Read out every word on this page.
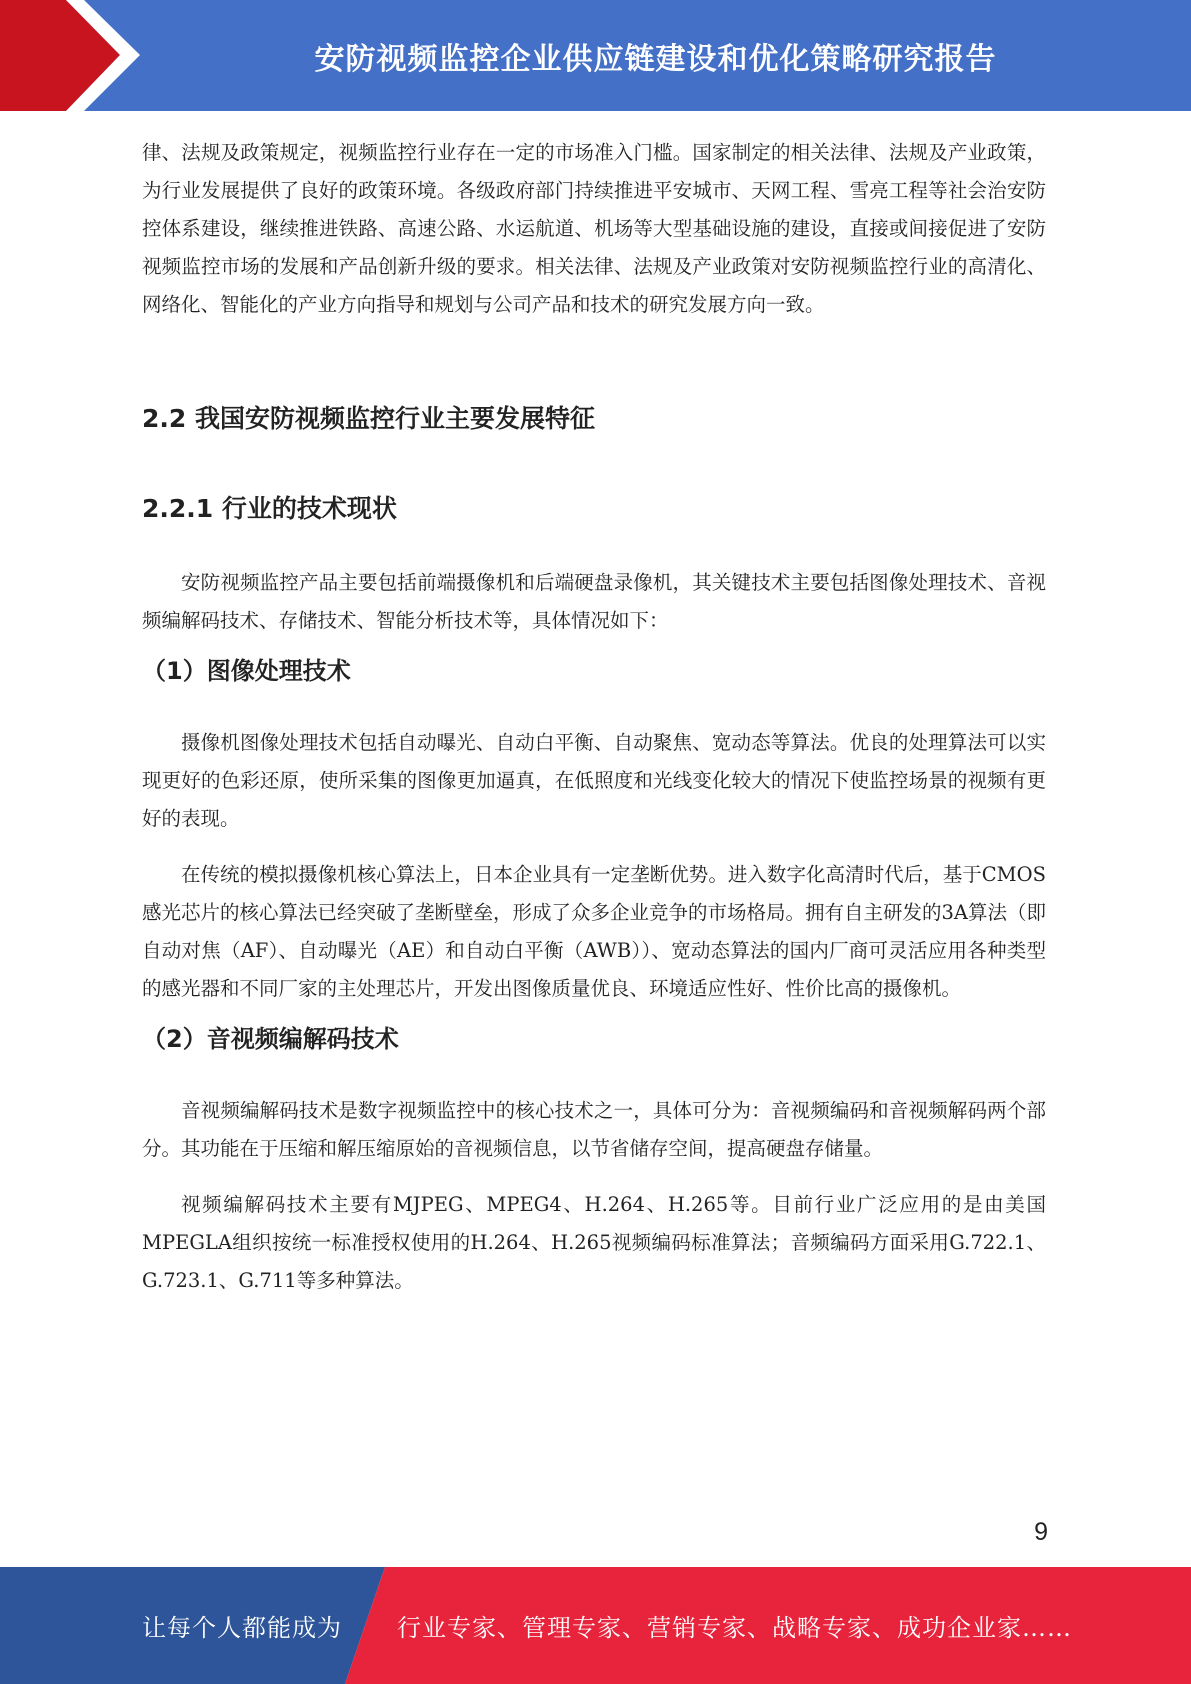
安防视频监控企业供应链建设和优化策略研究报告

律、法规及政策规定，视频监控行业存在一定的市场准入门槛。国家制定的相关法律、法规及产业政策，为行业发展提供了良好的政策环境。各级政府部门持续推进平安城市、天网工程、雪亮工程等社会治安防控体系建设，继续推进铁路、高速公路、水运航道、机场等大型基础设施的建设，直接或间接促进了安防视频监控市场的发展和产品创新升级的要求。相关法律、法规及产业政策对安防视频监控行业的高清化、网络化、智能化的产业方向指导和规划与公司产品和技术的研究发展方向一致。

2.2 我国安防视频监控行业主要发展特征
2.2.1 行业的技术现状

安防视频监控产品主要包括前端摄像机和后端硬盘录像机，其关键技术主要包括图像处理技术、音视频编解码技术、存储技术、智能分析技术等，具体情况如下：

（1）图像处理技术

摄像机图像处理技术包括自动曝光、自动白平衡、自动聚焦、宽动态等算法。优良的处理算法可以实现更好的色彩还原，使所采集的图像更加逼真，在低照度和光线变化较大的情况下使监控场景的视频有更好的表现。

在传统的模拟摄像机核心算法上，日本企业具有一定垄断优势。进入数字化高清时代后，基于CMOS感光芯片的核心算法已经突破了垄断壁垒，形成了众多企业竞争的市场格局。拥有自主研发的3A算法（即自动对焦（AF）、自动曝光（AE）和自动白平衡（AWB））、宽动态算法的国内厂商可灵活应用各种类型的感光器和不同厂家的主处理芯片，开发出图像质量优良、环境适应性好、性价比高的摄像机。

（2）音视频编解码技术

音视频编解码技术是数字视频监控中的核心技术之一，具体可分为：音视频编码和音视频解码两个部分。其功能在于压缩和解压缩原始的音视频信息，以节省储存空间，提高硬盘存储量。

视频编解码技术主要有MJPEG、MPEG4、H.264、H.265等。目前行业广泛应用的是由美国MPEGLA组织按统一标准授权使用的H.264、H.265视频编码标准算法；音频编码方面采用G.722.1、G.723.1、G.711等多种算法。

9
让每个人都能成为 行业专家、管理专家、营销专家、战略专家、成功企业家……
